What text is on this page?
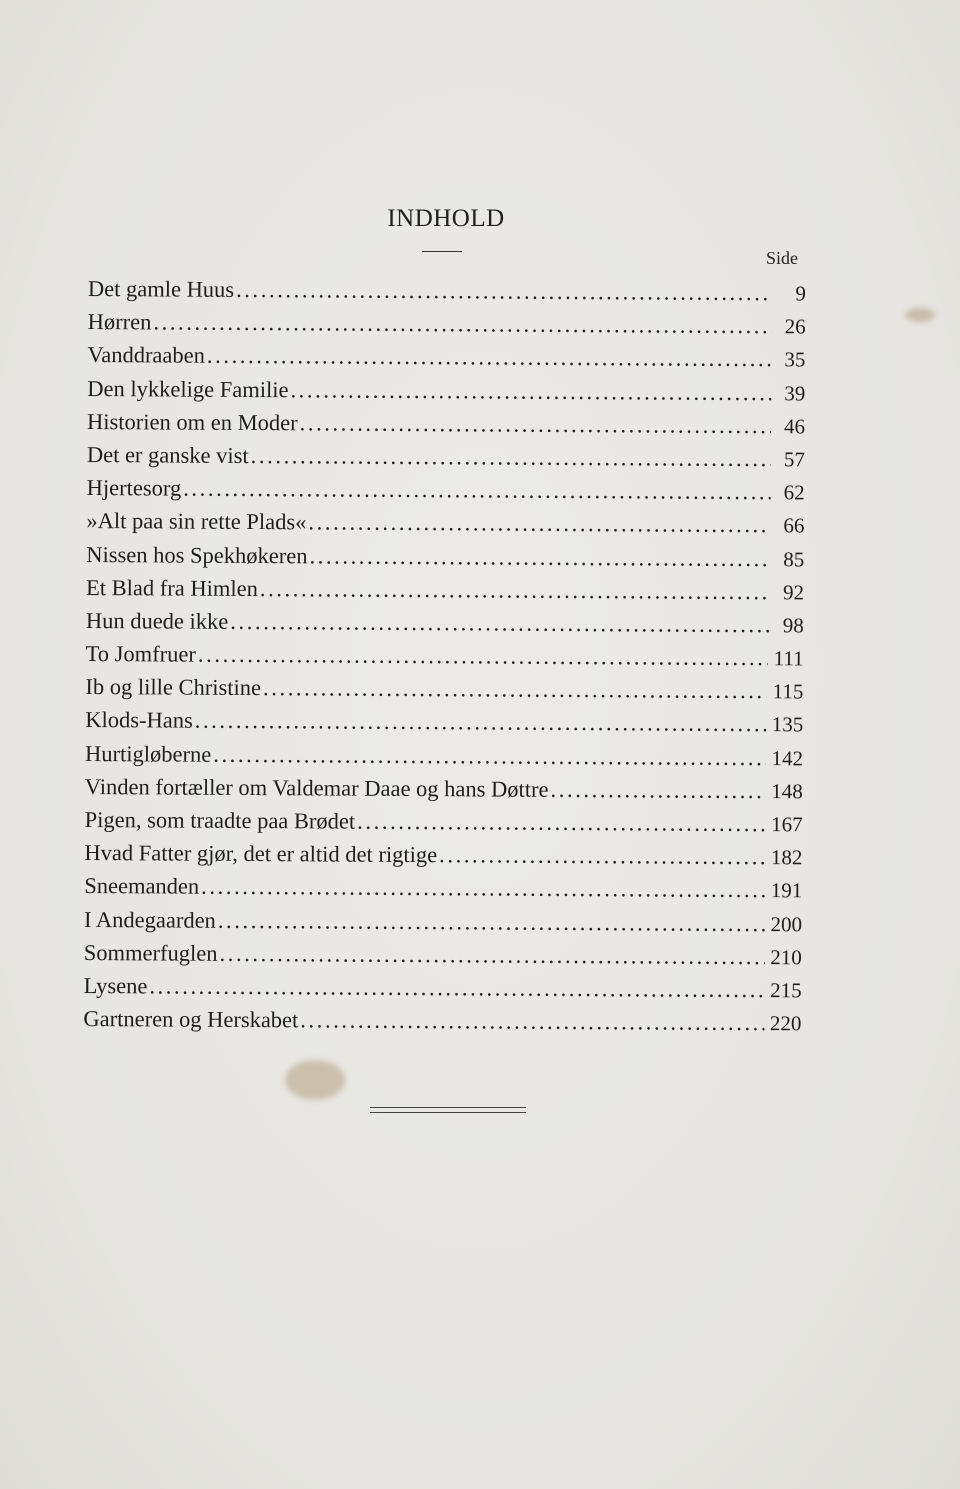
INDHOLD
Side
Det gamle Huus .....	9
Hørren .....	26
Vanddraaben .....	35
Den lykkelige Familie .....	39
Historien om en Moder .....	46
Det er ganske vist .....	57
Hjertesorg .....	62
»Alt paa sin rette Plads« .....	66
Nissen hos Spekhøkeren .....	85
Et Blad fra Himlen .....	92
Hun duede ikke .....	98
To Jomfruer .....	111
Ib og lille Christine .....	115
Klods-Hans .....	135
Hurtigløberne .....	142
Vinden fortæller om Valdemar Daae og hans Døttre .....	148
Pigen, som traadte paa Brødet .....	167
Hvad Fatter gjør, det er altid det rigtige .....	182
Sneemanden .....	191
I Andegaarden .....	200
Sommerfuglen .....	210
Lysene .....	215
Gartneren og Herskabet .....	220
